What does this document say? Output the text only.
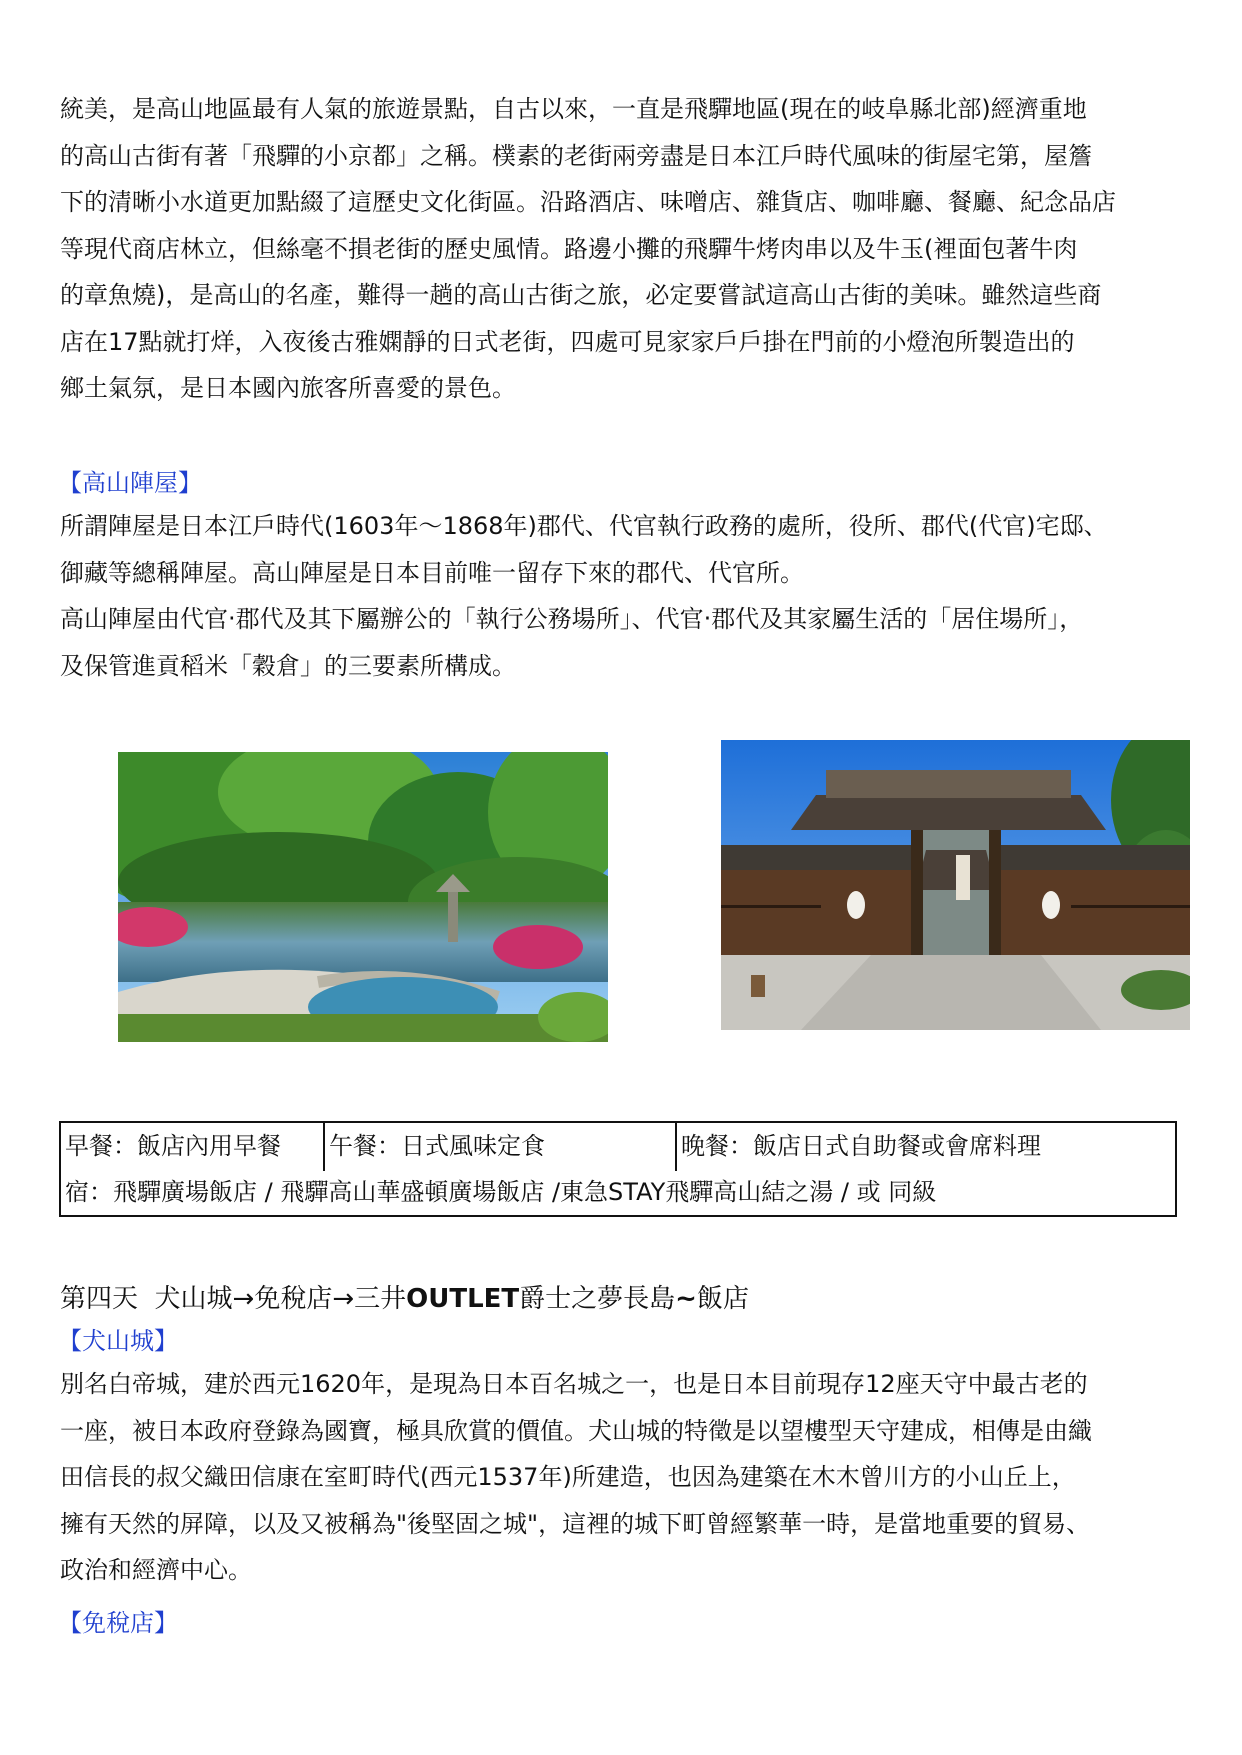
統美，是高山地區最有人氣的旅遊景點，自古以來，一直是飛驒地區(現在的岐阜縣北部)經濟重地
的高山古街有著「飛驒的小京都」之稱。樸素的老街兩旁盡是日本江戶時代風味的街屋宅第，屋簷
下的清晰小水道更加點綴了這歷史文化街區。沿路酒店、味噌店、雜貨店、咖啡廳、餐廳、紀念品店
等現代商店林立，但絲毫不損老街的歷史風情。路邊小攤的飛驒牛烤肉串以及牛玉(裡面包著牛肉
的章魚燒)，是高山的名產，難得一趟的高山古街之旅，必定要嘗試這高山古街的美味。雖然這些商
店在17點就打烊，入夜後古雅嫻靜的日式老街，四處可見家家戶戶掛在門前的小燈泡所製造出的
鄉土氣氛，是日本國內旅客所喜愛的景色。
【高山陣屋】
所謂陣屋是日本江戶時代(1603年～1868年)郡代、代官執行政務的處所，役所、郡代(代官)宅邸、
御藏等總稱陣屋。高山陣屋是日本目前唯一留存下來的郡代、代官所。
高山陣屋由代官‧郡代及其下屬辦公的「執行公務場所」、代官‧郡代及其家屬生活的「居住場所」，
及保管進貢稻米「穀倉」的三要素所構成。
早餐：飯店內用早餐	午餐：日式風味定食	晚餐：飯店日式自助餐或會席料理
宿：飛驒廣場飯店 / 飛驒高山華盛頓廣場飯店 /東急STAY飛驒高山結之湯 / 或 同級
第四天 犬山城→免稅店→三井OUTLET爵士之夢長島~飯店
【犬山城】
別名白帝城，建於西元1620年，是現為日本百名城之一，也是日本目前現存12座天守中最古老的
一座，被日本政府登錄為國寶，極具欣賞的價值。犬山城的特徵是以望樓型天守建成，相傳是由織
田信長的叔父織田信康在室町時代(西元1537年)所建造，也因為建築在木木曾川方的小山丘上，
擁有天然的屏障，以及又被稱為"後堅固之城"，這裡的城下町曾經繁華一時，是當地重要的貿易、
政治和經濟中心。
【免稅店】
